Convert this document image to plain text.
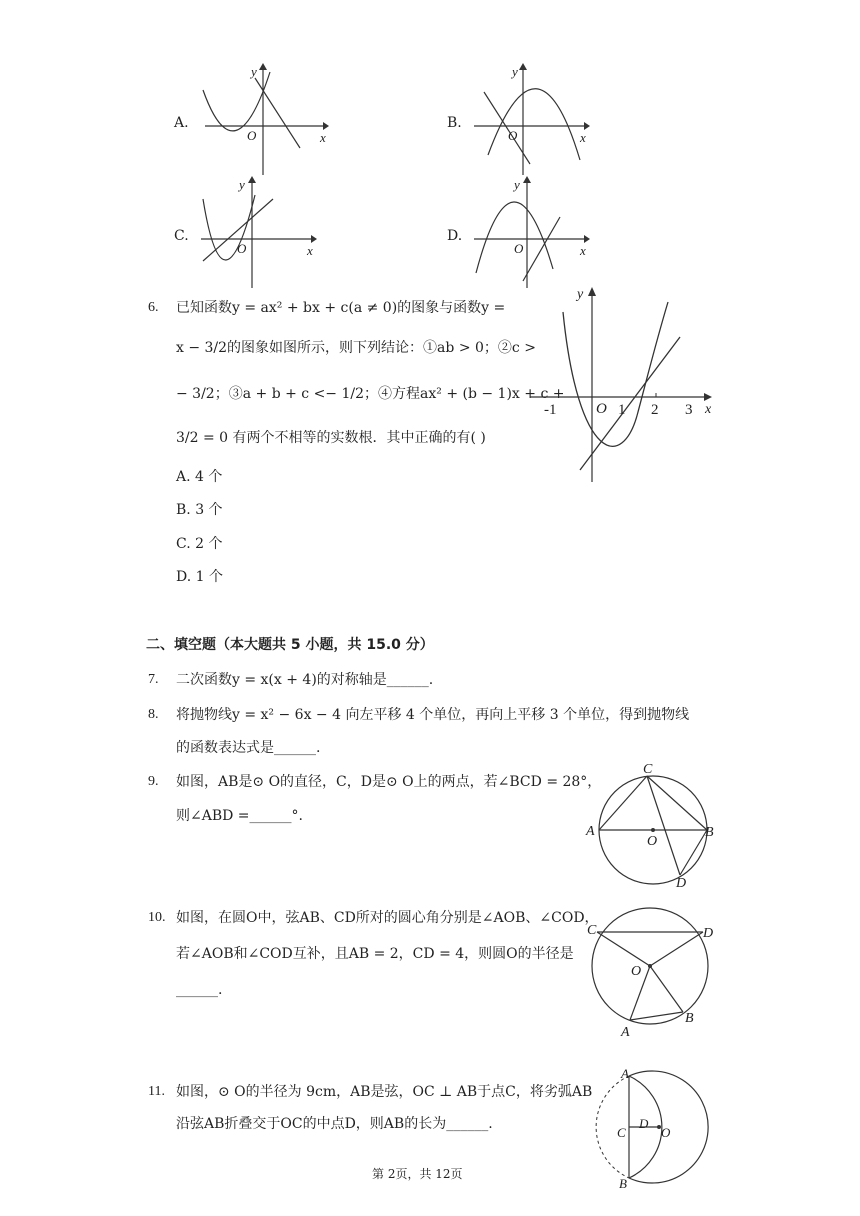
A.
x
y
O
B.
x
y
O
C.
x
y
O
D.
x
y
O
6. 已知函数y = ax² + bx + c(a ≠ 0)的图象与函数y =
x − 3/2的图象如图所示，则下列结论：①ab > 0；②c >
− 3/2；③a + b + c <− 1/2；④方程ax² + (b − 1)x + c +
3/2 = 0 有两个不相等的实数根．其中正确的有( )
A. 4 个
B. 3 个
C. 2 个
D. 1 个
-1	O 1 2 3 x
y
二、填空题（本大题共 5 小题，共 15.0 分）
7. 二次函数y = x(x + 4)的对称轴是______.
8. 将抛物线y = x² − 6x − 4 向左平移 4 个单位，再向上平移 3 个单位，得到抛物线
的函数表达式是______.
9. 如图，AB是⊙ O的直径，C，D是⊙ O上的两点，若∠BCD = 28°，
则∠ABD =______°.
A	B
C
D
O
10. 如图，在圆O中，弦AB、CD所对的圆心角分别是∠AOB、∠COD，
若∠AOB和∠COD互补，且AB = 2，CD = 4，则圆O的半径是
______.
C	D
O
A
B
11. 如图，⊙ O的半径为 9cm，AB是弦，OC ⊥ AB于点C，将劣弧AB
沿弦AB折叠交于OC的中点D，则AB的长为______.
A
B
C
D
O
第 2页，共 12页
